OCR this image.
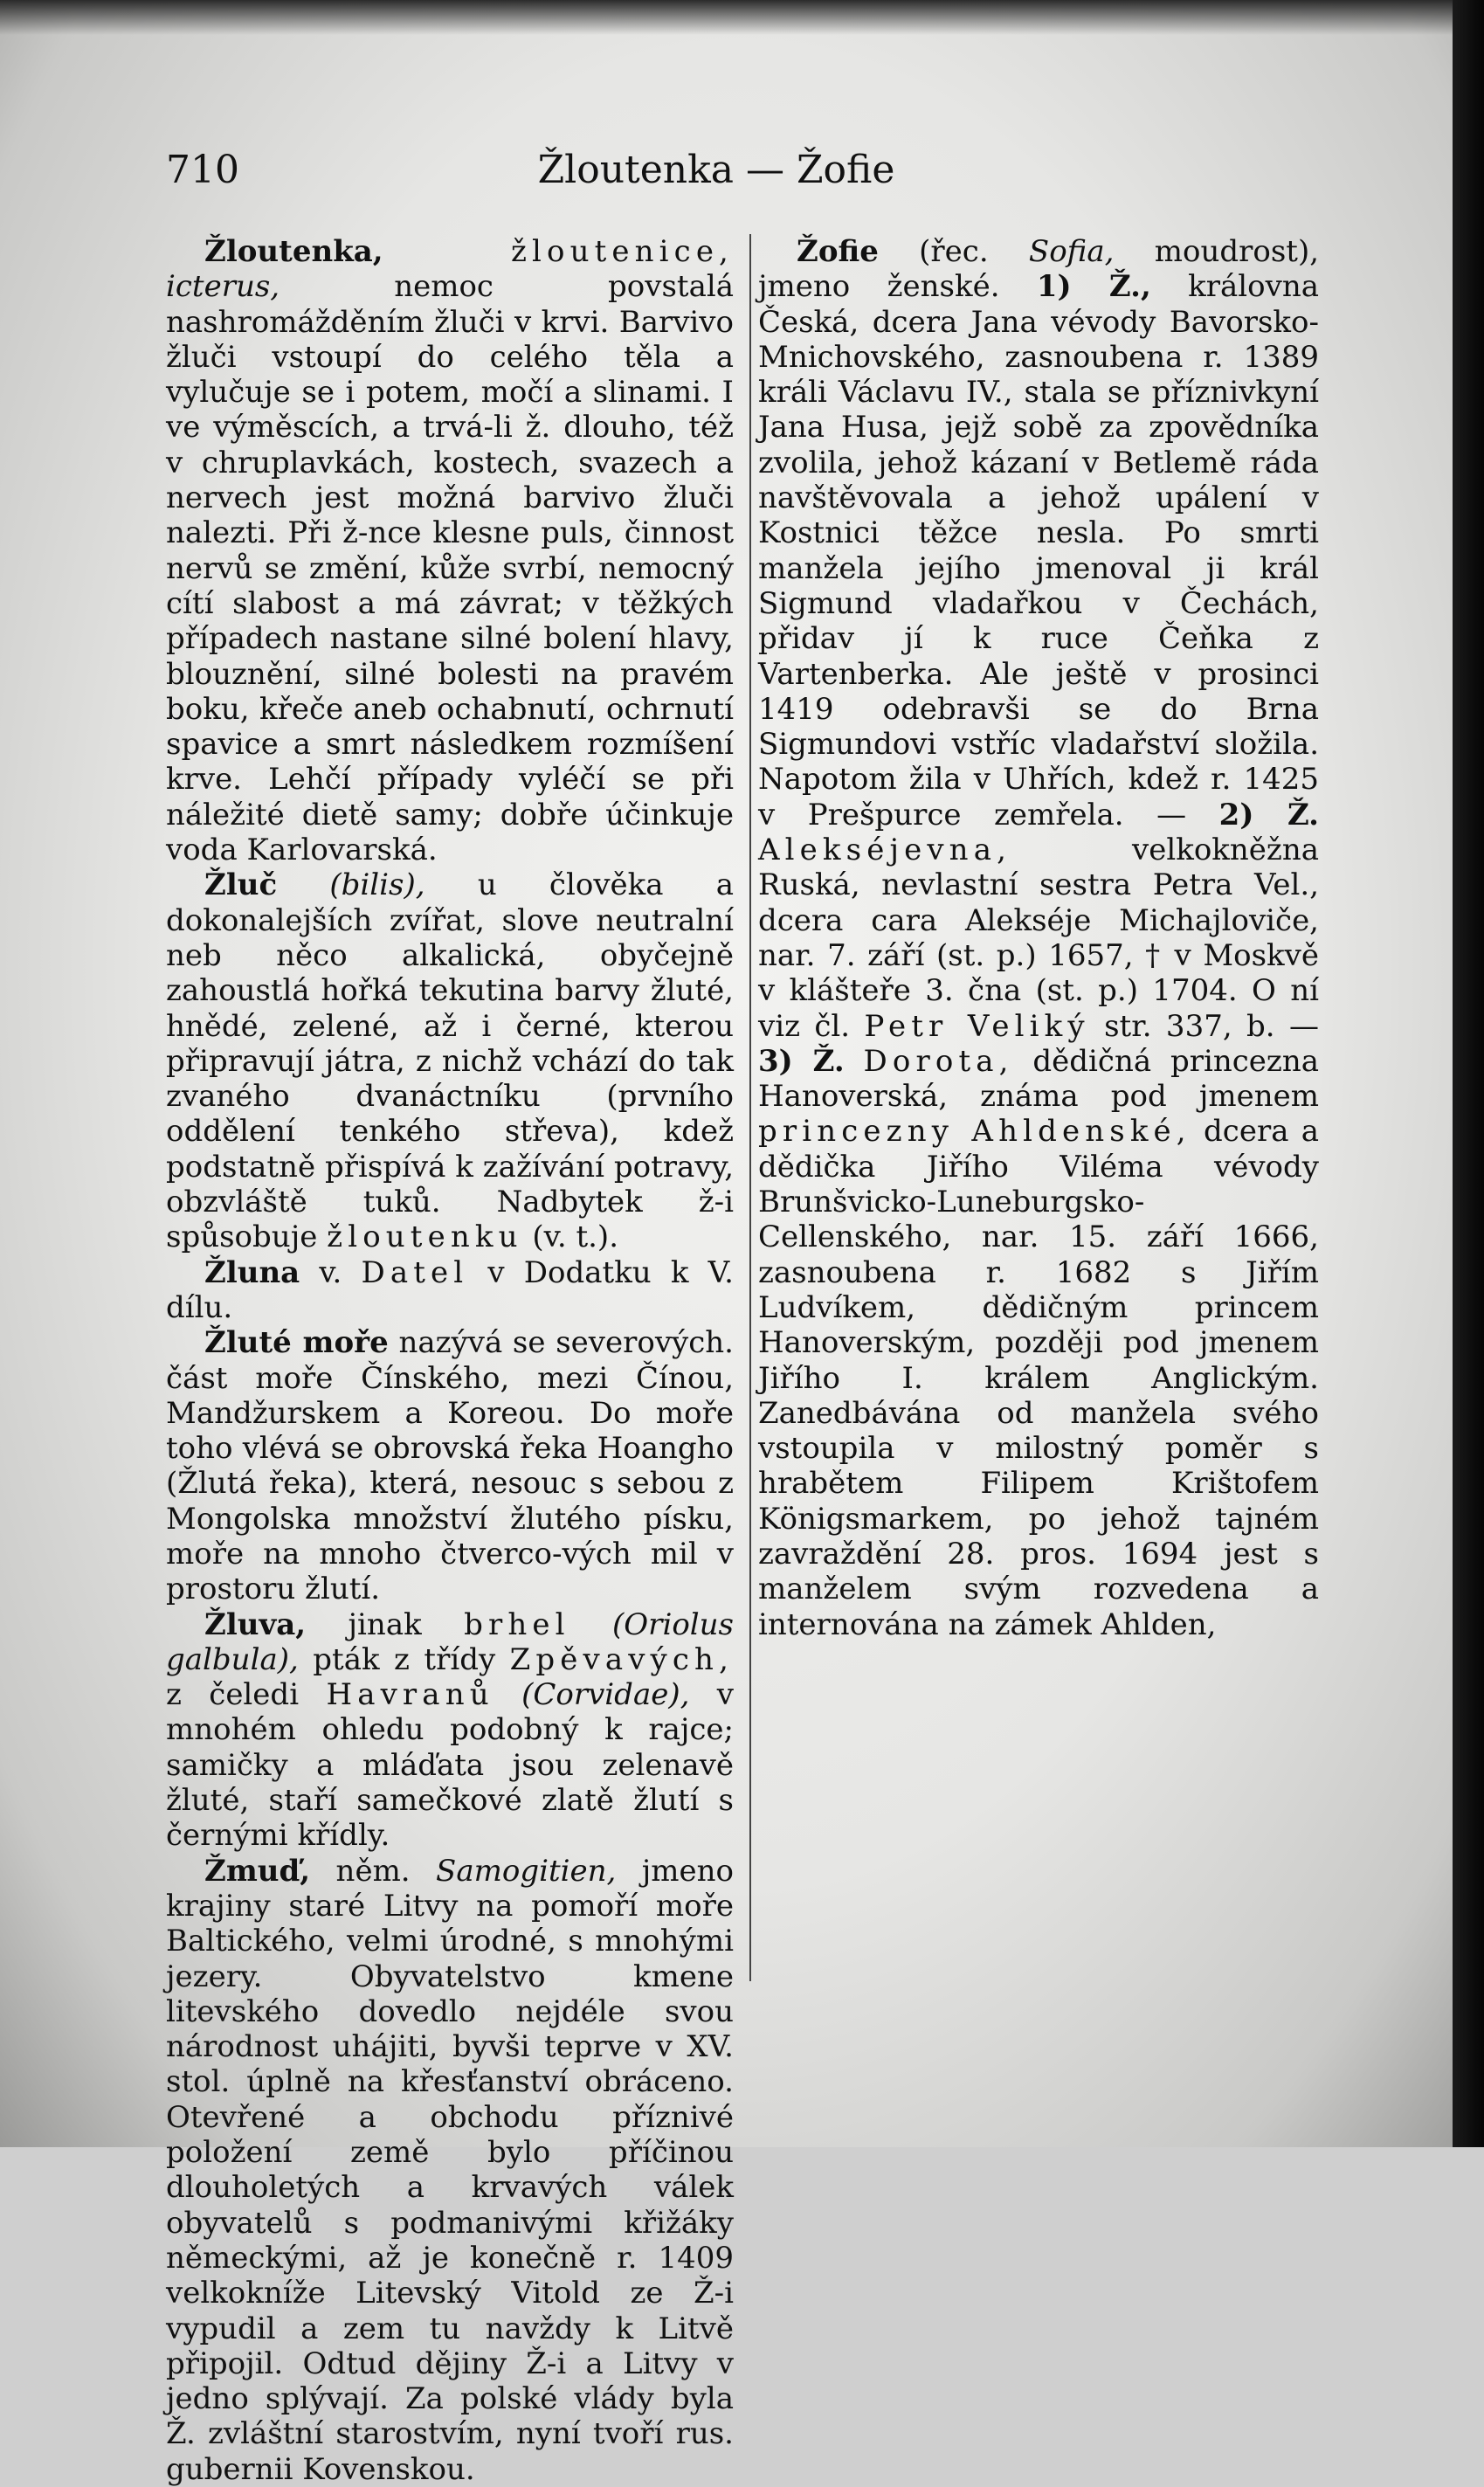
710	Žloutenka — Žofie

Žloutenka,	žloutenice, icterus,	nemoc povstalá nashromážděním žluči v krvi. Barvivo žluči vstoupí do celého těla a vylučuje se i potem, močí a slinami. I ve výměscích, a trvá-li ž. dlouho, též v chruplavkách, kostech, svazech a nervech jest možná barvivo žluči nalezti. Při ž-nce klesne puls, činnost nervů se změní, kůže svrbí, nemocný cítí slabost a má závrat; v těžkých případech nastane silné bolení hlavy, blouznění, silné bolesti na pravém boku, křeče aneb ochabnutí, ochrnutí spavice a smrt následkem rozmíšení krve. Lehčí případy vyléčí se při náležité dietě samy; dobře účinkuje voda Karlovarská.

Žluč (bilis), u člověka a dokonalejších zvířat, slove neutralní neb něco alkalická, obyčejně zahoustlá hořká tekutina barvy žluté, hnědé, zelené, až i černé, kterou připravují játra, z nichž vchází do tak zvaného dvanáctníku (prvního oddělení tenkého střeva), kdež podstatně přispívá k zažívání potravy, obzvláště tuků. Nadbytek ž-i spůsobuje žloutenku (v. t.).

Žluna v. Datel v Dodatku k V. dílu.

Žluté moře nazývá se severových. část moře Čínského, mezi Čínou, Mandžurskem a Koreou. Do moře toho vlévá se obrovská řeka Hoangho (Žlutá řeka), která, nesouc s sebou z Mongolska množství žlutého písku, moře na mnoho čtverco-vých mil v prostoru žlutí.

Žluva, jinak brhel (Oriolus galbula), pták z třídy Zpěvavých, z čeledi Havranů (Corvidae), v mnohém ohledu podobný k rajce; samičky a mláďata jsou zelenavě žluté, staří samečkové zlatě žlutí s černými křídly.

Žmuď, něm. Samogitien, jmeno krajiny staré Litvy na pomoří moře Baltického, velmi úrodné, s mnohými jezery. Obyvatelstvo kmene litevského dovedlo nejdéle svou národnost uhájiti, byvši teprve v XV. stol. úplně na křesťanství obráceno. Otevřené a obchodu příznivé položení země bylo příčinou dlouholetých a krvavých válek obyvatelů s podmanivými křižáky německými, až je konečně r. 1409 velkokníže Litevský Vitold ze Ž-i vypudil a zem tu navždy k Litvě připojil. Odtud dějiny Ž-i a Litvy v jedno splývají. Za polské vlády byla Ž. zvláštní starostvím, nyní tvoří rus. gubernii Kovenskou.

Žofie (řec. Sofia, moudrost), jmeno ženské. 1) Ž., královna Česká, dcera Jana vévody Bavorsko-Mnichovského, zasnoubena r. 1389 králi Václavu IV., stala se příznivkyní Jana Husa, jejž sobě za zpovědníka zvolila, jehož kázaní v Betlemě ráda navštěvovala a jehož upálení v Kostnici těžce nesla. Po smrti manžela jejího jmenoval ji král Sigmund vladařkou v Čechách, přidav jí k ruce Čeňka z Vartenberka. Ale ještě v prosinci 1419 odebravši se do Brna Sigmundovi vstříc vladařství složila. Napotom žila v Uhřích, kdež r. 1425 v Prešpurce zemřela. — 2) Ž. Alekséjevna,	velkokněžna Ruská, nevlastní sestra Petra Vel., dcera cara Alekséje Michajloviče, nar. 7. září (st. p.) 1657, † v Moskvě v klášteře 3. čna (st. p.) 1704. O ní viz čl. Petr Veliký str. 337, b. — 3) Ž. Dorota, dědičná princezna Hanoverská, známa pod jmenem princezny Ahldenské, dcera a dědička Jiřího Viléma vévody Brunšvicko-Luneburgsko-Cellenského, nar. 15. září 1666, zasnoubena r. 1682 s Jiřím Ludvíkem, dědičným princem Hanoverským, později pod jmenem Jiřího I. králem Anglickým. Zanedbávána od manžela svého vstoupila v milostný poměr s hrabětem Filipem Krištofem Königsmarkem, po jehož tajném zavraždění 28. pros. 1694 jest s manželem svým rozvedena a internována na zámek Ahlden,
